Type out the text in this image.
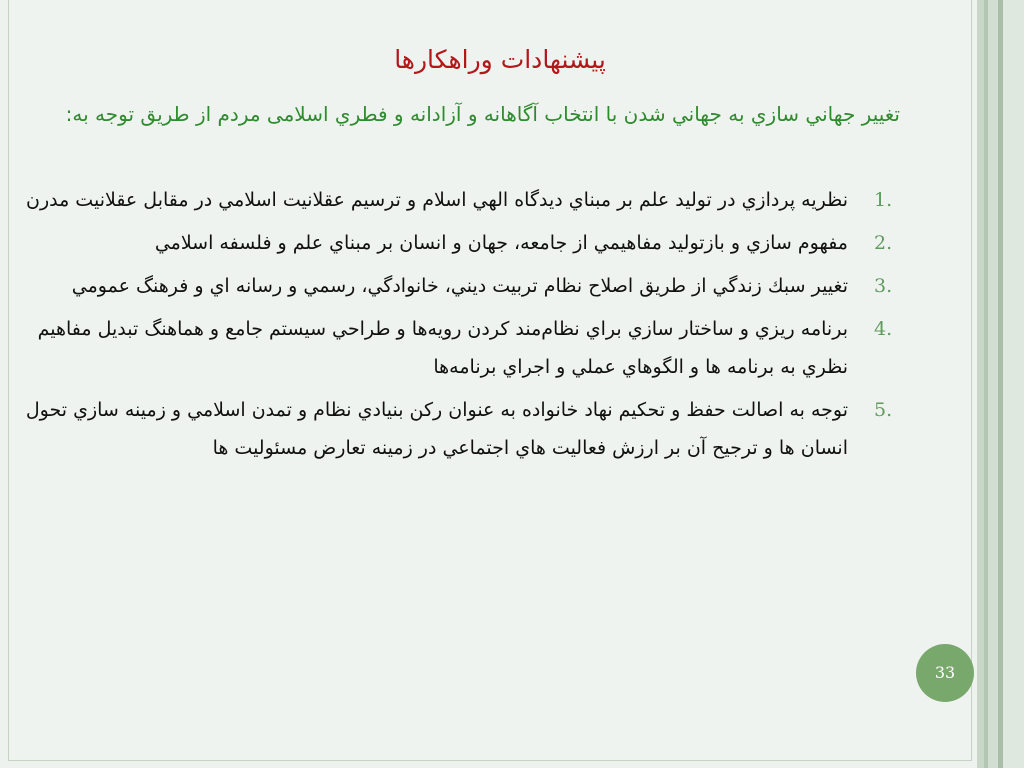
پیشنهادات وراهکارها
تغيير جهاني سازي به جهاني شدن با انتخاب آگاهانه و آزادانه و فطري اسلامی مردم از طریق توجه به:
1.
نظریه پردازي در تولید علم بر مبناي دیدگاه الهي اسلام و ترسیم عقلانیت اسلامي در مقابل عقلانیت مدرن
2.
مفهوم سازي و بازتولید مفاهیمي از جامعه، جهان و انسان بر مبناي علم و فلسفه اسلامي
3.
تغییر سبك زندگي از طریق اصلاح نظام تربیت دیني، خانوادگي، رسمي و رسانه اي و فرهنگ عمومي
4.
برنامه ريزي و ساختار سازي براي نظام‌مند كردن رويه‌ها و طراحي سيستم جامع و هماهنگ تبدیل مفاهیم نظري به برنامه ها و الگوهاي عملي و اجراي برنامه‌ها
5.
توجه به اصالت حفظ و تحكيم نهاد خانواده به عنوان ركن بنيادي نظام و تمدن اسلامي و زمينه سازي تحول انسان ها و ترجيح آن بر ارزش فعاليت هاي اجتماعي در زمينه تعارض مسئوليت ها
33
